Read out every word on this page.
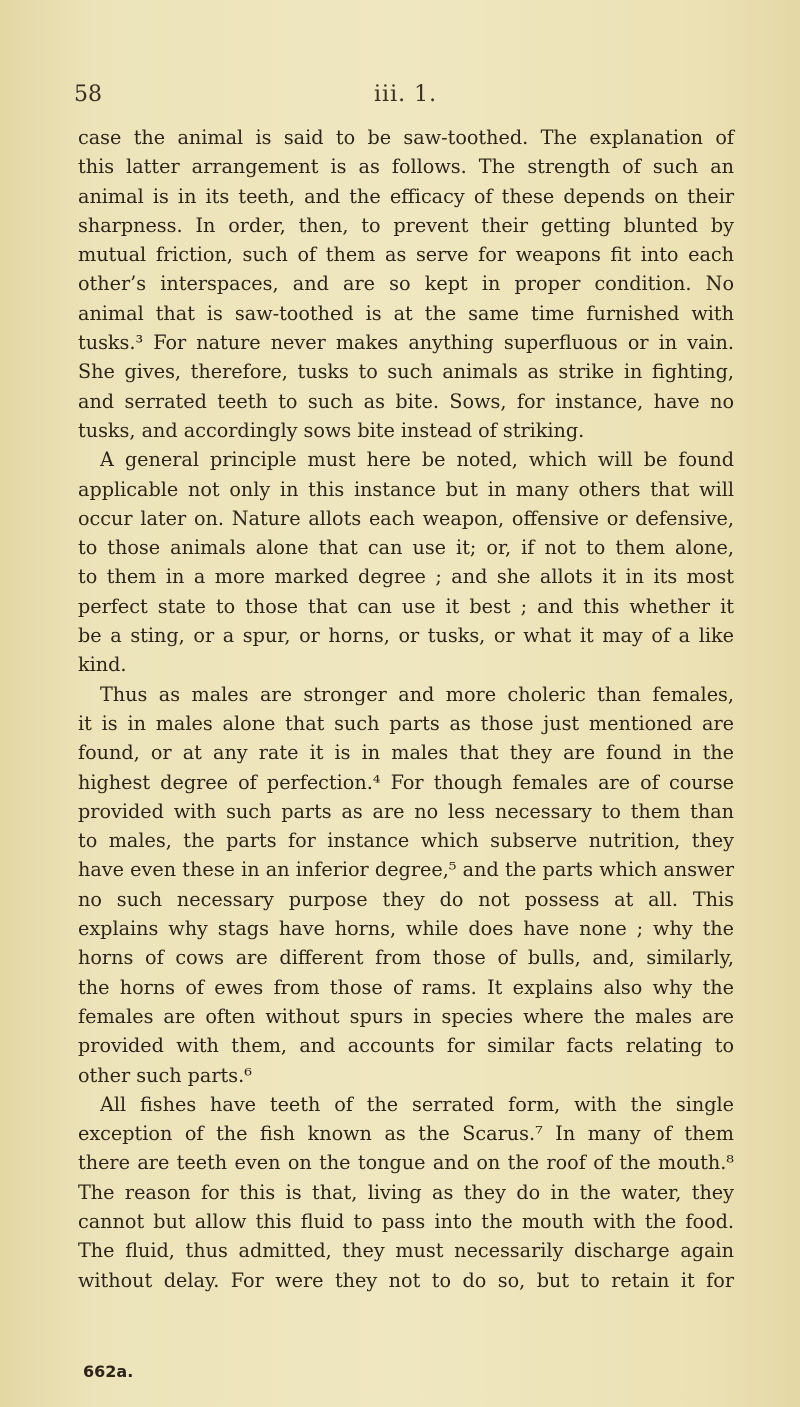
58	iii. 1.
case the animal is said to be saw-toothed. The explanation of
this latter arrangement is as follows. The strength of such an
animal is in its teeth, and the efficacy of these depends on their
sharpness. In order, then, to prevent their getting blunted by
mutual friction, such of them as serve for weapons fit into each
other’s interspaces, and are so kept in proper condition. No
animal that is saw-toothed is at the same time furnished with
tusks.³ For nature never makes anything superfluous or in vain.
She gives, therefore, tusks to such animals as strike in fighting,
and serrated teeth to such as bite. Sows, for instance, have no
tusks, and accordingly sows bite instead of striking.
A general principle must here be noted, which will be found
applicable not only in this instance but in many others that will
occur later on. Nature allots each weapon, offensive or defensive,
to those animals alone that can use it; or, if not to them alone,
to them in a more marked degree ; and she allots it in its most
perfect state to those that can use it best ; and this whether it
be a sting, or a spur, or horns, or tusks, or what it may of a like
kind.
Thus as males are stronger and more choleric than females,
it is in males alone that such parts as those just mentioned are
found, or at any rate it is in males that they are found in the
highest degree of perfection.⁴ For though females are of course
provided with such parts as are no less necessary to them than
to males, the parts for instance which subserve nutrition, they
have even these in an inferior degree,⁵ and the parts which answer
no such necessary purpose they do not possess at all. This
explains why stags have horns, while does have none ; why the
horns of cows are different from those of bulls, and, similarly,
the horns of ewes from those of rams. It explains also why the
females are often without spurs in species where the males are
provided with them, and accounts for similar facts relating to
other such parts.⁶
All fishes have teeth of the serrated form, with the single
exception of the fish known as the Scarus.⁷ In many of them
there are teeth even on the tongue and on the roof of the mouth.⁸
The reason for this is that, living as they do in the water, they
cannot but allow this fluid to pass into the mouth with the food.
The fluid, thus admitted, they must necessarily discharge again
without delay. For were they not to do so, but to retain it for
662a.
